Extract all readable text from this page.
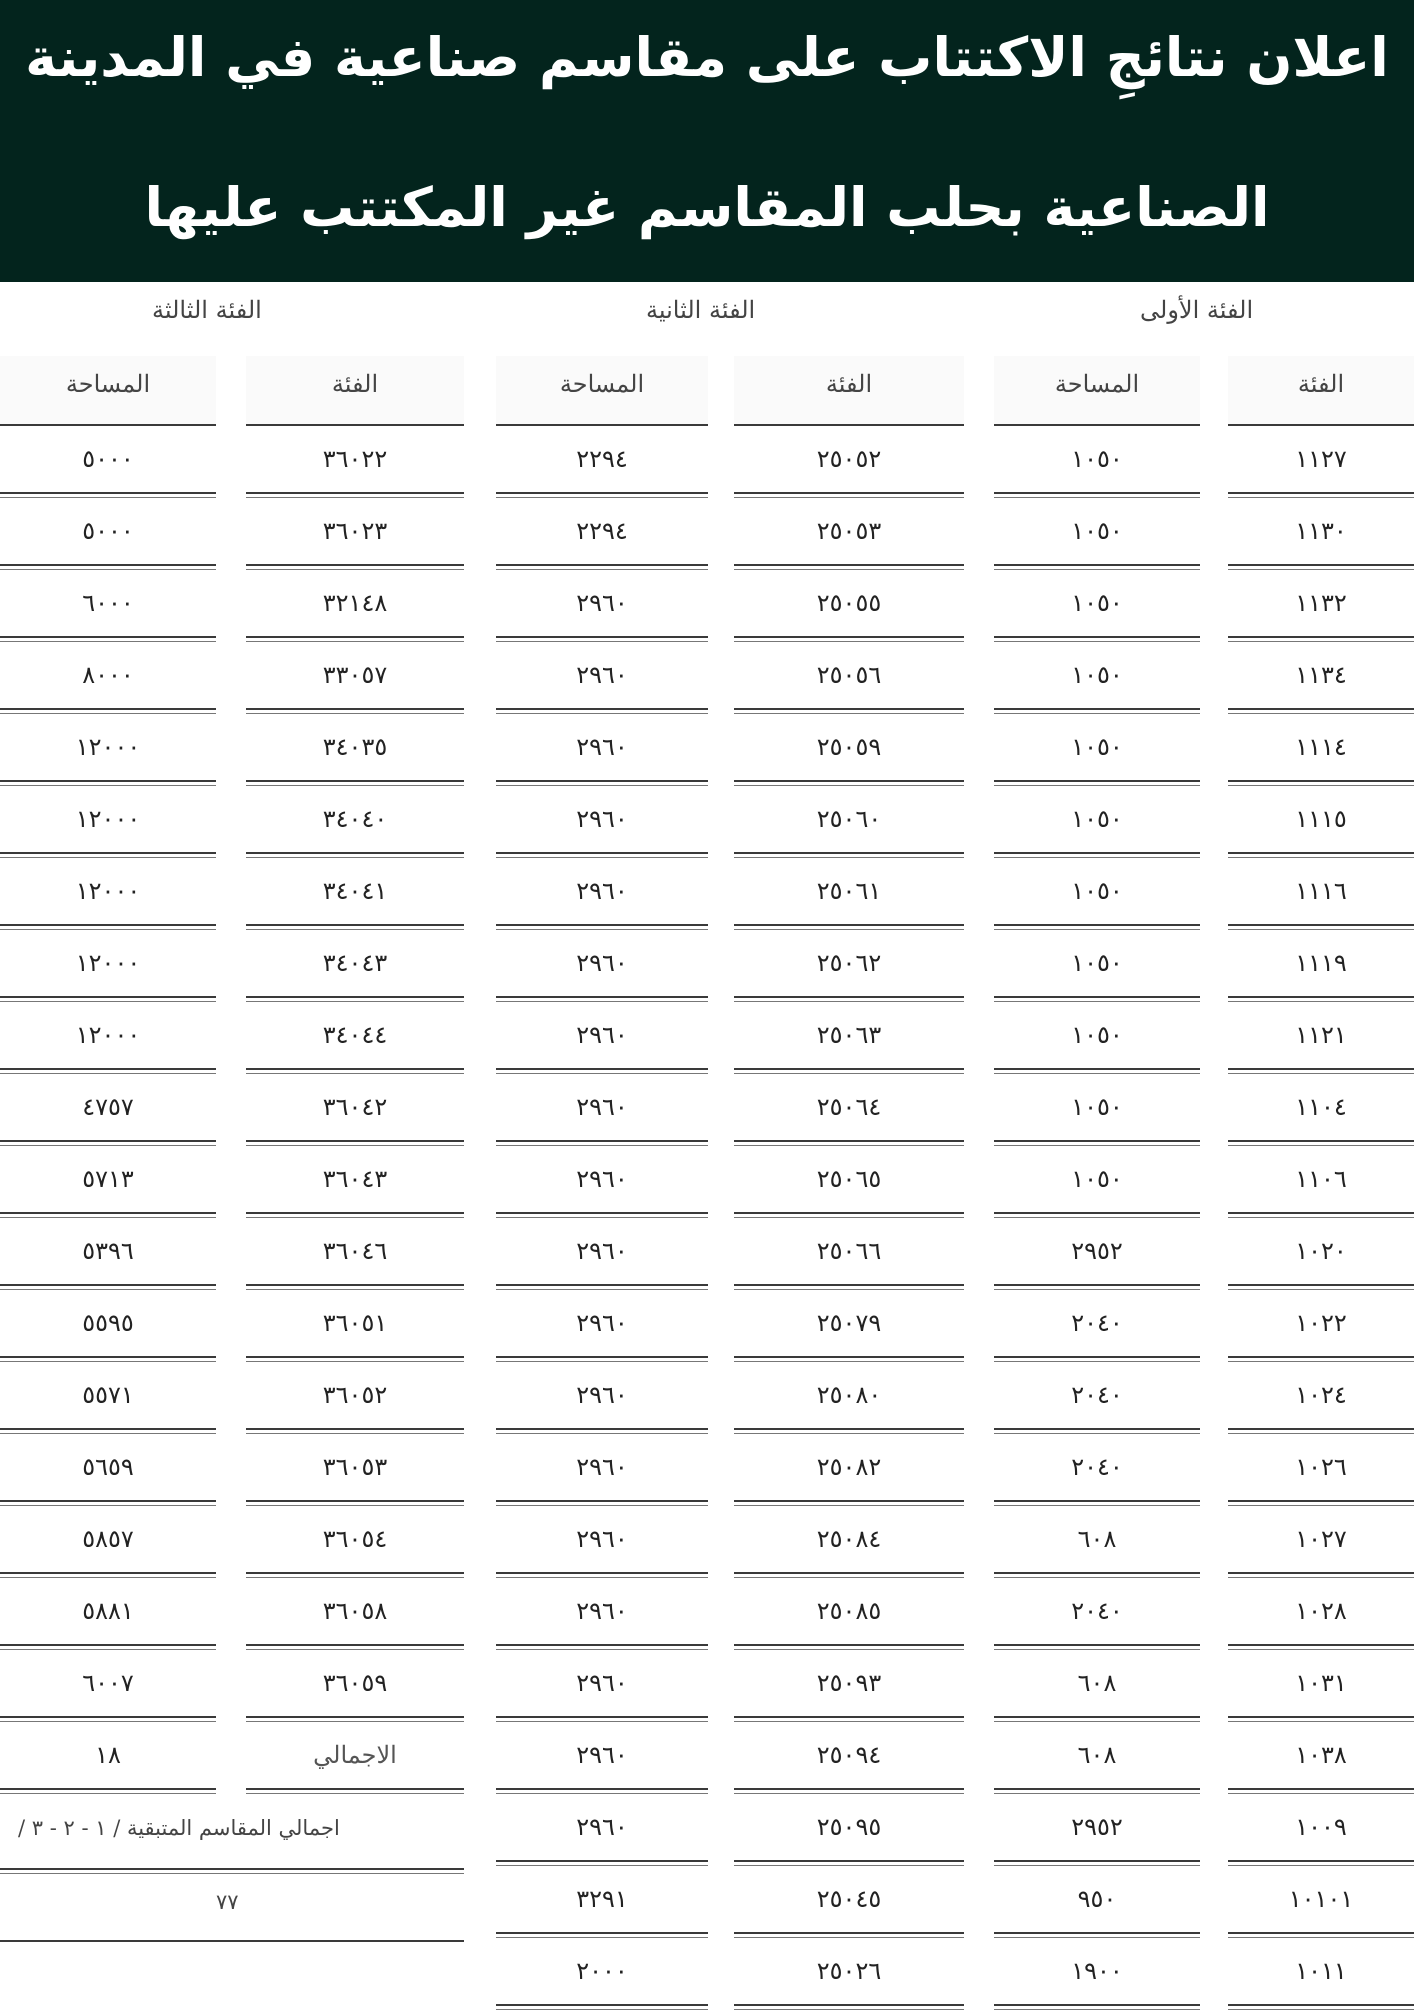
اعلان نتائجِ الاكتتاب على مقاسم صناعية في المدينة
الصناعية بحلب المقاسم غير المكتتب عليها
الفئة الأولى
الفئة الثانية
الفئة الثالثة
الفئة
١١٢٧
١١٣٠
١١٣٢
١١٣٤
١١١٤
١١١٥
١١١٦
١١١٩
١١٢١
١١٠٤
١١٠٦
١٠٢٠
١٠٢٢
١٠٢٤
١٠٢٦
١٠٢٧
١٠٢٨
١٠٣١
١٠٣٨
١٠٠٩
١٠١٠١
١٠١١
المساحة
١٠٥٠
١٠٥٠
١٠٥٠
١٠٥٠
١٠٥٠
١٠٥٠
١٠٥٠
١٠٥٠
١٠٥٠
١٠٥٠
١٠٥٠
٢٩٥٢
٢٠٤٠
٢٠٤٠
٢٠٤٠
٦٠٨
٢٠٤٠
٦٠٨
٦٠٨
٢٩٥٢
٩٥٠
١٩٠٠
الفئة
٢٥٠٥٢
٢٥٠٥٣
٢٥٠٥٥
٢٥٠٥٦
٢٥٠٥٩
٢٥٠٦٠
٢٥٠٦١
٢٥٠٦٢
٢٥٠٦٣
٢٥٠٦٤
٢٥٠٦٥
٢٥٠٦٦
٢٥٠٧٩
٢٥٠٨٠
٢٥٠٨٢
٢٥٠٨٤
٢٥٠٨٥
٢٥٠٩٣
٢٥٠٩٤
٢٥٠٩٥
٢٥٠٤٥
٢٥٠٢٦
المساحة
٢٢٩٤
٢٢٩٤
٢٩٦٠
٢٩٦٠
٢٩٦٠
٢٩٦٠
٢٩٦٠
٢٩٦٠
٢٩٦٠
٢٩٦٠
٢٩٦٠
٢٩٦٠
٢٩٦٠
٢٩٦٠
٢٩٦٠
٢٩٦٠
٢٩٦٠
٢٩٦٠
٢٩٦٠
٢٩٦٠
٣٢٩١
٢٠٠٠
الفئة
٣٦٠٢٢
٣٦٠٢٣
٣٢١٤٨
٣٣٠٥٧
٣٤٠٣٥
٣٤٠٤٠
٣٤٠٤١
٣٤٠٤٣
٣٤٠٤٤
٣٦٠٤٢
٣٦٠٤٣
٣٦٠٤٦
٣٦٠٥١
٣٦٠٥٢
٣٦٠٥٣
٣٦٠٥٤
٣٦٠٥٨
٣٦٠٥٩
الاجمالي
المساحة
٥٠٠٠
٥٠٠٠
٦٠٠٠
٨٠٠٠
١٢٠٠٠
١٢٠٠٠
١٢٠٠٠
١٢٠٠٠
١٢٠٠٠
٤٧٥٧
٥٧١٣
٥٣٩٦
٥٥٩٥
٥٥٧١
٥٦٥٩
٥٨٥٧
٥٨٨١
٦٠٠٧
١٨
اجمالي المقاسم المتبقية / ١ - ٢ - ٣ /
٧٧
